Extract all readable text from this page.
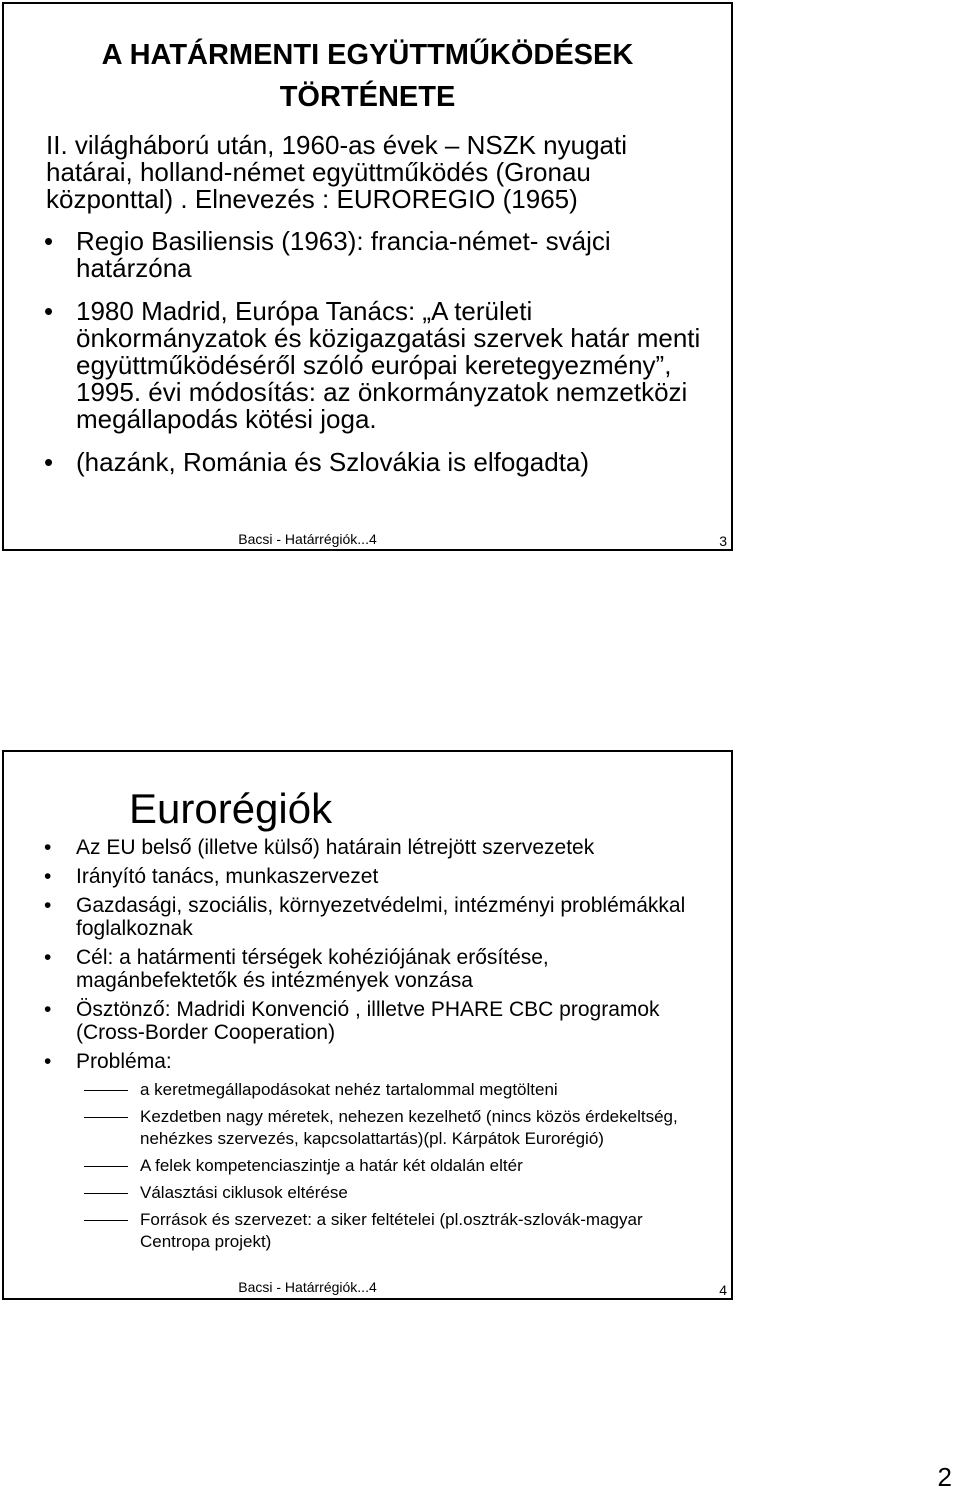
A HATÁRMENTI EGYÜTTMŰKÖDÉSEK TÖRTÉNETE

II. világháború után, 1960-as évek – NSZK nyugati határai, holland-német együttműködés (Gronau központtal) . Elnevezés : EUROREGIO (1965)

• Regio Basiliensis (1963): francia-német- svájci határzóna
• 1980 Madrid, Európa Tanács: „A területi önkormányzatok és közigazgatási szervek határ menti együttműködéséről szóló európai keretegyezmény”, 1995. évi módosítás: az önkormányzatok nemzetközi megállapodás kötési joga.
• (hazánk, Románia és Szlovákia is elfogadta)
Bacsi - Határrégiók...4	3
Eurorégiók
• Az EU belső (illetve külső) határain létrejött szervezetek
• Irányító tanács, munkaszervezet
• Gazdasági, szociális, környezetvédelmi, intézményi problémákkal foglalkoznak
• Cél: a határmenti térségek kohéziójának erősítése, magánbefektetők és intézmények vonzása
• Ösztönző: Madridi Konvenció , illletve PHARE CBC programok (Cross-Border Cooperation)
• Probléma:
a keretmegállapodásokat nehéz tartalommal megtölteni
Kezdetben nagy méretek, nehezen kezelhető (nincs közös érdekeltség, nehézkes szervezés, kapcsolattartás)(pl. Kárpátok Eurorégió)
A felek kompetenciaszintje a határ két oldalán eltér
Választási ciklusok eltérése
Források és szervezet: a siker feltételei (pl.osztrák-szlovák-magyar Centropa projekt)
Bacsi - Határrégiók...4	4
2
